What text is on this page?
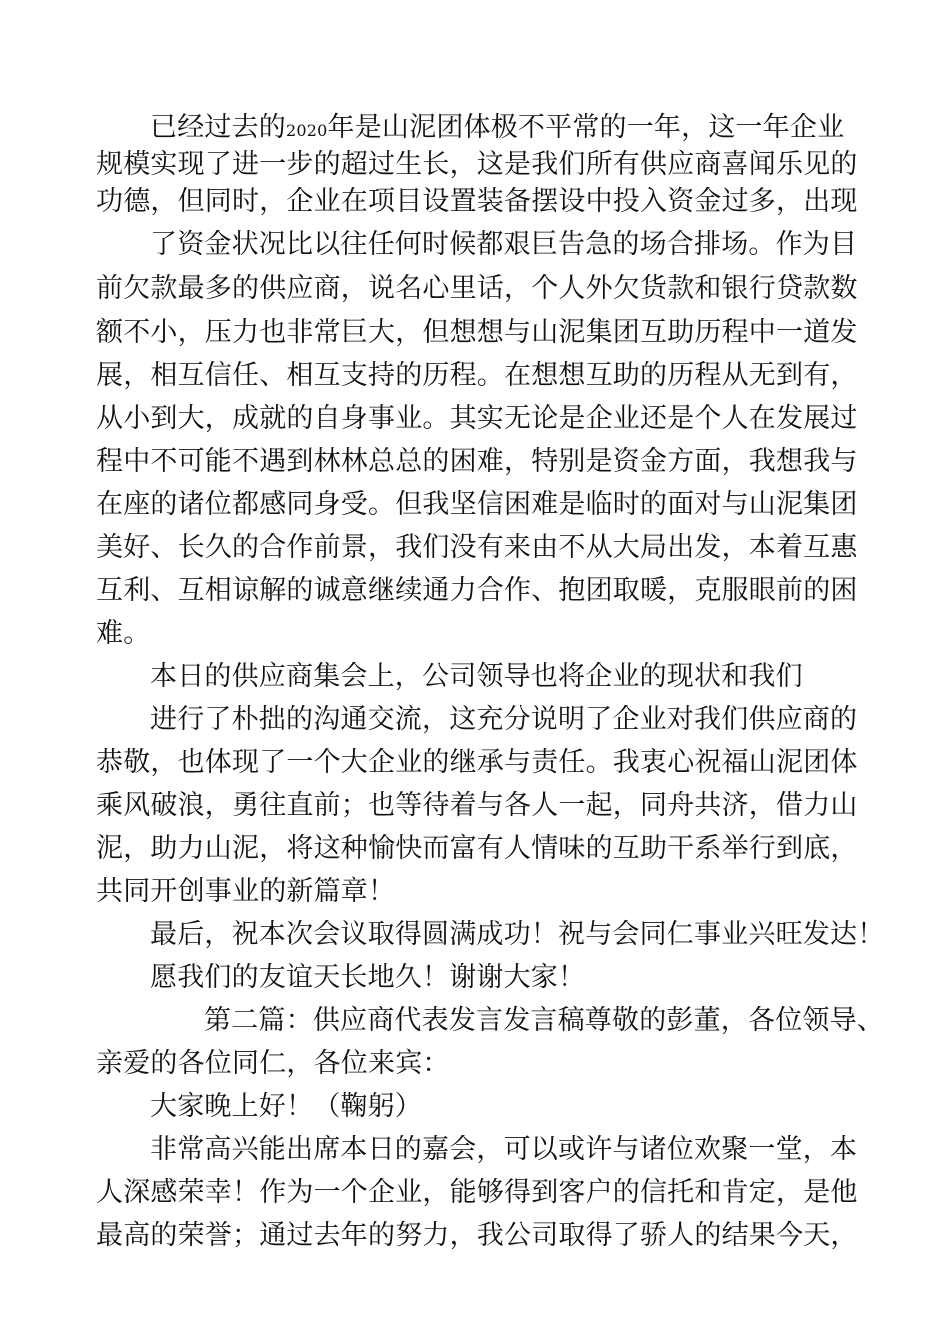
已经过去的2020年是山泥团体极不平常的一年，这一年企业
规模实现了进一步的超过生长，这是我们所有供应商喜闻乐见的
功德，但同时，企业在项目设置装备摆设中投入资金过多，出现
了资金状况比以往任何时候都艰巨告急的场合排场。作为目
前欠款最多的供应商，说名心里话，个人外欠货款和银行贷款数
额不小，压力也非常巨大，但想想与山泥集团互助历程中一道发
展，相互信任、相互支持的历程。在想想互助的历程从无到有，
从小到大，成就的自身事业。其实无论是企业还是个人在发展过
程中不可能不遇到林林总总的困难，特别是资金方面，我想我与
在座的诸位都感同身受。但我坚信困难是临时的面对与山泥集团
美好、长久的合作前景，我们没有来由不从大局出发，本着互惠
互利、互相谅解的诚意继续通力合作、抱团取暖，克服眼前的困
难。
本日的供应商集会上，公司领导也将企业的现状和我们
进行了朴拙的沟通交流，这充分说明了企业对我们供应商的
恭敬，也体现了一个大企业的继承与责任。我衷心祝福山泥团体
乘风破浪，勇往直前；也等待着与各人一起，同舟共济，借力山
泥，助力山泥，将这种愉快而富有人情味的互助干系举行到底，
共同开创事业的新篇章！
最后，祝本次会议取得圆满成功！祝与会同仁事业兴旺发达！
愿我们的友谊天长地久！谢谢大家！
第二篇：供应商代表发言发言稿尊敬的彭董，各位领导、
亲爱的各位同仁，各位来宾：
大家晚上好！（鞠躬）
非常高兴能出席本日的嘉会，可以或许与诸位欢聚一堂，本
人深感荣幸！作为一个企业，能够得到客户的信托和肯定，是他
最高的荣誉；通过去年的努力，我公司取得了骄人的结果今天，
